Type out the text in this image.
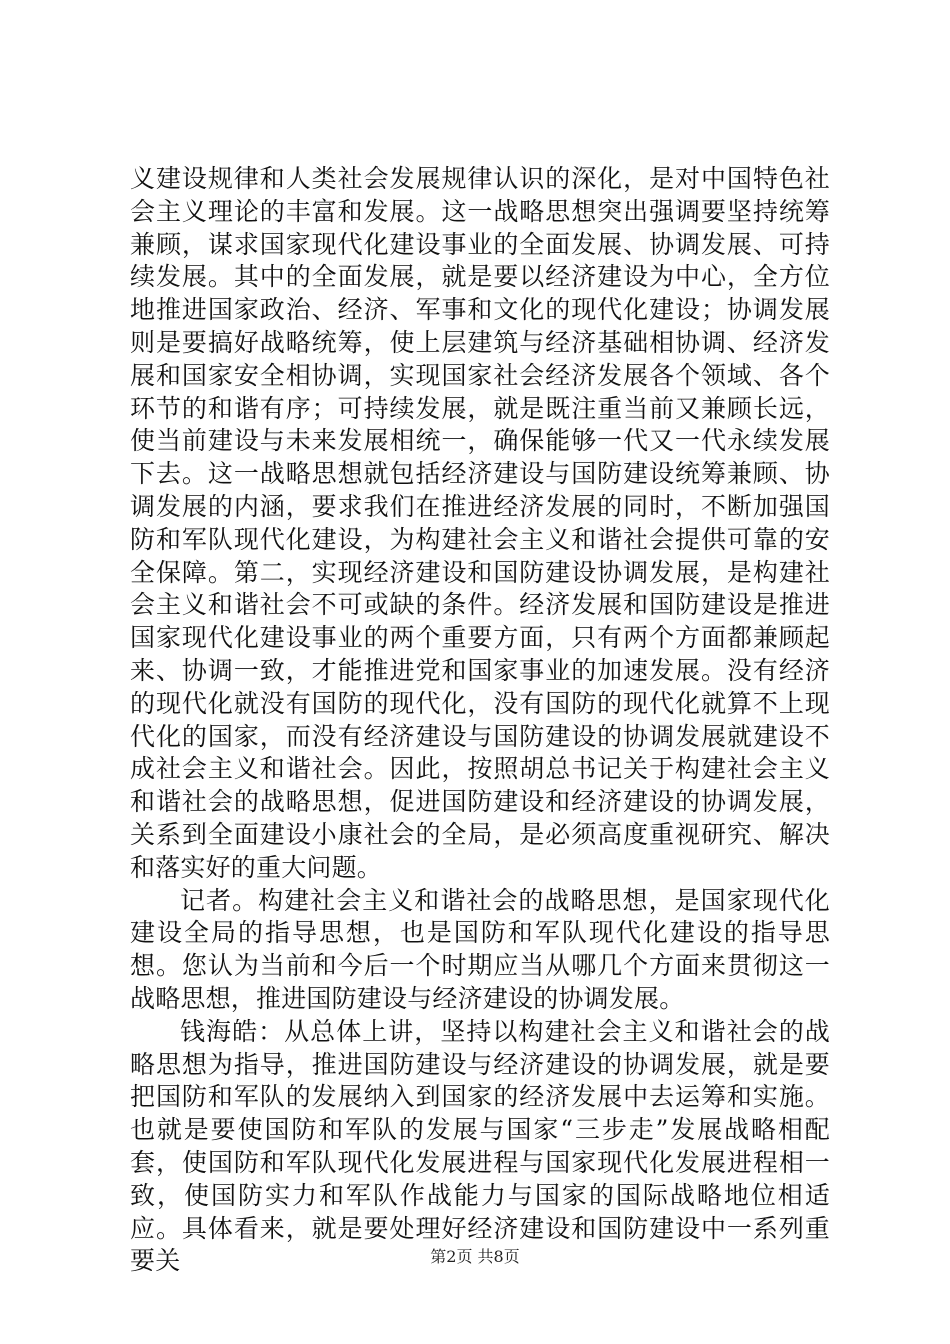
义建设规律和人类社会发展规律认识的深化，是对中国特色社会主义理论的丰富和发展。这一战略思想突出强调要坚持统筹兼顾，谋求国家现代化建设事业的全面发展、协调发展、可持续发展。其中的全面发展，就是要以经济建设为中心，全方位地推进国家政治、经济、军事和文化的现代化建设；协调发展则是要搞好战略统筹，使上层建筑与经济基础相协调、经济发展和国家安全相协调，实现国家社会经济发展各个领域、各个环节的和谐有序；可持续发展，就是既注重当前又兼顾长远，使当前建设与未来发展相统一，确保能够一代又一代永续发展下去。这一战略思想就包括经济建设与国防建设统筹兼顾、协调发展的内涵，要求我们在推进经济发展的同时，不断加强国防和军队现代化建设，为构建社会主义和谐社会提供可靠的安全保障。第二，实现经济建设和国防建设协调发展，是构建社会主义和谐社会不可或缺的条件。经济发展和国防建设是推进国家现代化建设事业的两个重要方面，只有两个方面都兼顾起来、协调一致，才能推进党和国家事业的加速发展。没有经济的现代化就没有国防的现代化，没有国防的现代化就算不上现代化的国家，而没有经济建设与国防建设的协调发展就建设不成社会主义和谐社会。因此，按照胡总书记关于构建社会主义和谐社会的战略思想，促进国防建设和经济建设的协调发展，关系到全面建设小康社会的全局，是必须高度重视研究、解决和落实好的重大问题。

记者。构建社会主义和谐社会的战略思想，是国家现代化建设全局的指导思想，也是国防和军队现代化建设的指导思想。您认为当前和今后一个时期应当从哪几个方面来贯彻这一战略思想，推进国防建设与经济建设的协调发展。

钱海皓：从总体上讲，坚持以构建社会主义和谐社会的战略思想为指导，推进国防建设与经济建设的协调发展，就是要把国防和军队的发展纳入到国家的经济发展中去运筹和实施。也就是要使国防和军队的发展与国家“三步走”发展战略相配套，使国防和军队现代化发展进程与国家现代化发展进程相一致，使国防实力和军队作战能力与国家的国际战略地位相适应。具体看来，就是要处理好经济建设和国防建设中一系列重要关	第2页 共8页
